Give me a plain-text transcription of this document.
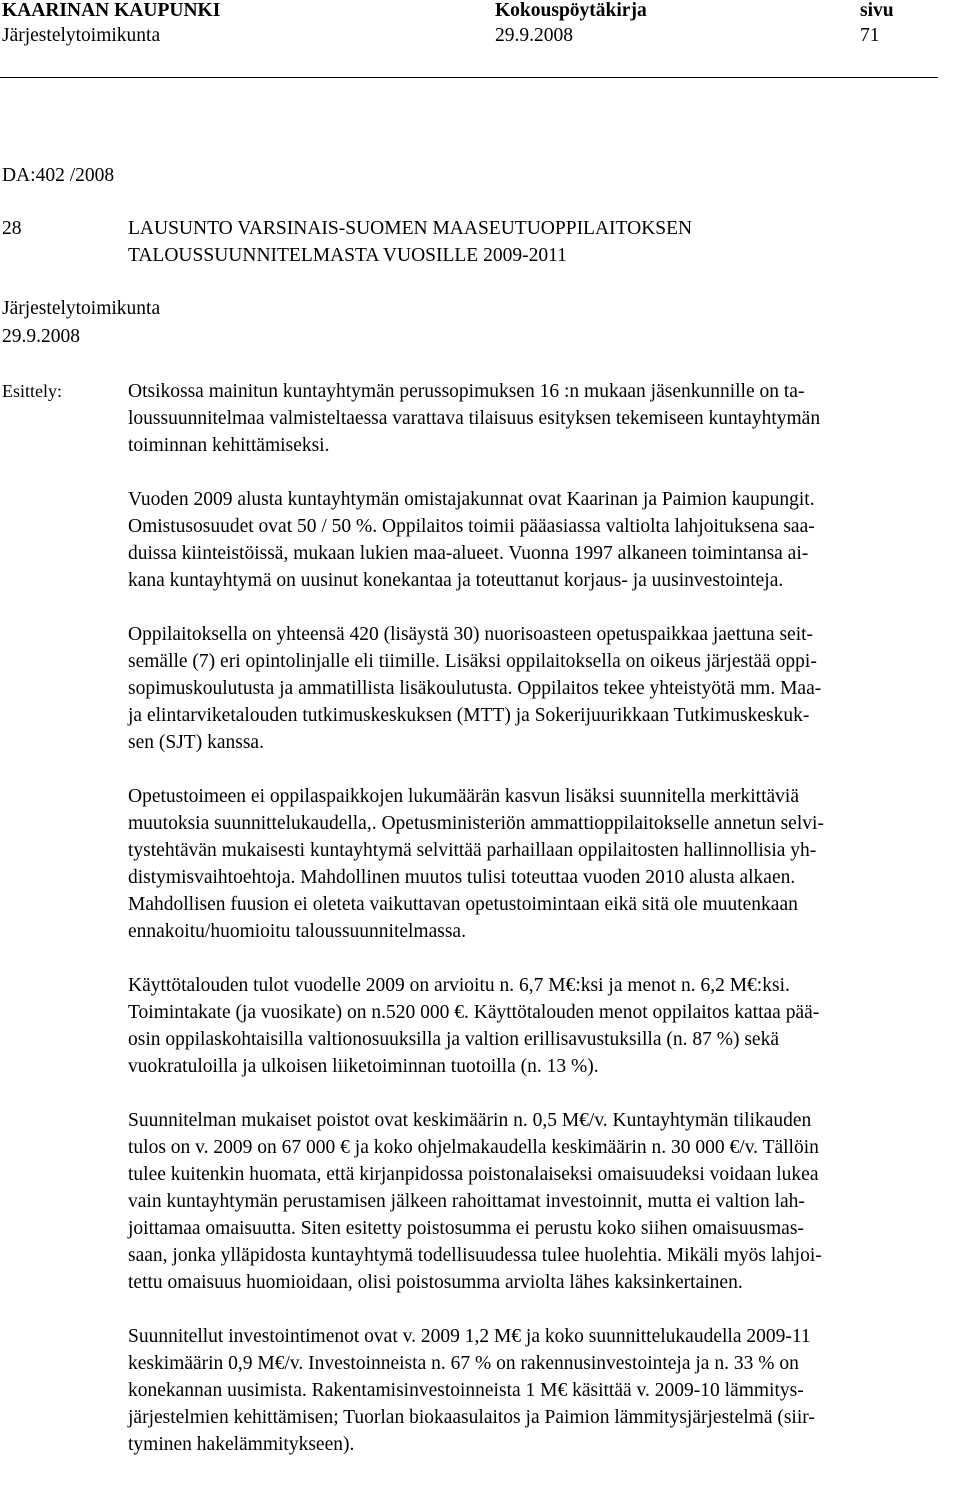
KAARINAN KAUPUNKI	Kokouspöytäkirja	sivu
Järjestelytoimikunta	29.9.2008	71
DA:402 /2008
28	LAUSUNTO VARSINAIS-SUOMEN MAASEUTUOPPILAITOKSEN
TALOUSSUUNNITELMASTA VUOSILLE 2009-2011
Järjestelytoimikunta
29.9.2008
Esittely:	Otsikossa mainitun kuntayhtymän perussopimuksen 16 :n mukaan jäsenkunnille on ta-
loussuunnitelmaa valmisteltaessa varattava tilaisuus esityksen tekemiseen kuntayhtymän
toiminnan kehittämiseksi.

Vuoden 2009 alusta kuntayhtymän omistajakunnat ovat Kaarinan ja Paimion kaupungit.
Omistusosuudet ovat 50 / 50 %. Oppilaitos toimii pääasiassa valtiolta lahjoituksena saa-
duissa kiinteistöissä, mukaan lukien maa-alueet. Vuonna 1997 alkaneen toimintansa ai-
kana kuntayhtymä on uusinut konekantaa ja toteuttanut korjaus- ja uusinvestointeja.

Oppilaitoksella on yhteensä 420 (lisäystä 30) nuorisoasteen opetuspaikkaa jaettuna seit-
semälle (7) eri opintolinjalle eli tiimille. Lisäksi oppilaitoksella on oikeus järjestää oppi-
sopimuskoulutusta ja ammatillista lisäkoulutusta. Oppilaitos tekee yhteistyötä mm. Maa-
ja elintarviketalouden tutkimuskeskuksen (MTT) ja Sokerijuurikkaan Tutkimuskeskuk-
sen (SJT) kanssa.

Opetustoimeen ei oppilaspaikkojen lukumäärän kasvun lisäksi suunnitella merkittäviä
muutoksia suunnittelukaudella,. Opetusministeriön ammattioppilaitokselle annetun selvi-
tystehtävän mukaisesti kuntayhtymä selvittää parhaillaan oppilaitosten hallinnollisia yh-
distymisvaihtoehtoja. Mahdollinen muutos tulisi toteuttaa vuoden 2010 alusta alkaen.
Mahdollisen fuusion ei oleteta vaikuttavan opetustoimintaan eikä sitä ole muutenkaan
ennakoitu/huomioitu taloussuunnitelmassa.

Käyttötalouden tulot vuodelle 2009 on arvioitu n. 6,7 M€:ksi ja menot n. 6,2 M€:ksi.
Toimintakate (ja vuosikate) on n.520 000 €. Käyttötalouden menot oppilaitos kattaa pää-
osin oppilaskohtaisilla valtionosuuksilla ja valtion erillisavustuksilla (n. 87 %) sekä
vuokratuloilla ja ulkoisen liiketoiminnan tuotoilla (n. 13 %).

Suunnitelman mukaiset poistot ovat keskimäärin n. 0,5 M€/v. Kuntayhtymän tilikauden
tulos on v. 2009 on 67 000 € ja koko ohjelmakaudella keskimäärin n. 30 000 €/v. Tällöin
tulee kuitenkin huomata, että kirjanpidossa poistonalaiseksi omaisuudeksi voidaan lukea
vain kuntayhtymän perustamisen jälkeen rahoittamat investoinnit, mutta ei valtion lah-
joittamaa omaisuutta. Siten esitetty poistosumma ei perustu koko siihen omaisuusmas-
saan, jonka ylläpidosta kuntayhtymä todellisuudessa tulee huolehtia. Mikäli myös lahjoi-
tettu omaisuus huomioidaan, olisi poistosumma arviolta lähes kaksinkertainen.

Suunnitellut investointimenot ovat v. 2009 1,2 M€ ja koko suunnittelukaudella 2009-11
keskimäärin 0,9 M€/v. Investoinneista n. 67 % on rakennusinvestointeja ja n. 33 % on
konekannan uusimista. Rakentamisinvestoinneista 1 M€ käsittää v. 2009-10 lämmitys-
järjestelmien kehittämisen; Tuorlan biokaasulaitos ja Paimion lämmitysjärjestelmä (siir-
tyminen hakelämmitykseen).
